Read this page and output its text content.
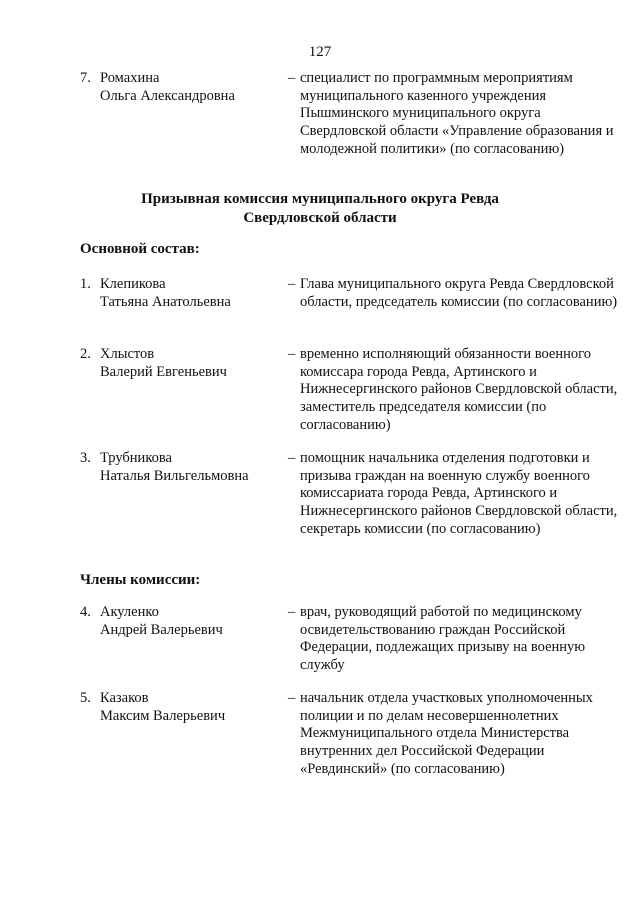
127
7. Ромахина
Ольга Александровна
– специалист по программным мероприятиям муниципального казенного учреждения Пышминского муниципального округа Свердловской области «Управление образования и молодежной политики» (по согласованию)
Призывная комиссия муниципального округа Ревда
Свердловской области
Основной состав:
1. Клепикова
Татьяна Анатольевна
– Глава муниципального округа Ревда Свердловской области, председатель комиссии (по согласованию)
2. Хлыстов
Валерий Евгеньевич
– временно исполняющий обязанности военного комиссара города Ревда, Артинского и Нижнесергинского районов Свердловской области, заместитель председателя комиссии (по согласованию)
3. Трубникова
Наталья Вильгельмовна
– помощник начальника отделения подготовки и призыва граждан на военную службу военного комиссариата города Ревда, Артинского и Нижнесергинского районов Свердловской области, секретарь комиссии (по согласованию)
Члены комиссии:
4. Акуленко
Андрей Валерьевич
– врач, руководящий работой по медицинскому освидетельствованию граждан Российской Федерации, подлежащих призыву на военную службу
5. Казаков
Максим Валерьевич
– начальник отдела участковых уполномоченных полиции и по делам несовершеннолетних Межмуниципального отдела Министерства внутренних дел Российской Федерации «Ревдинский» (по согласованию)
